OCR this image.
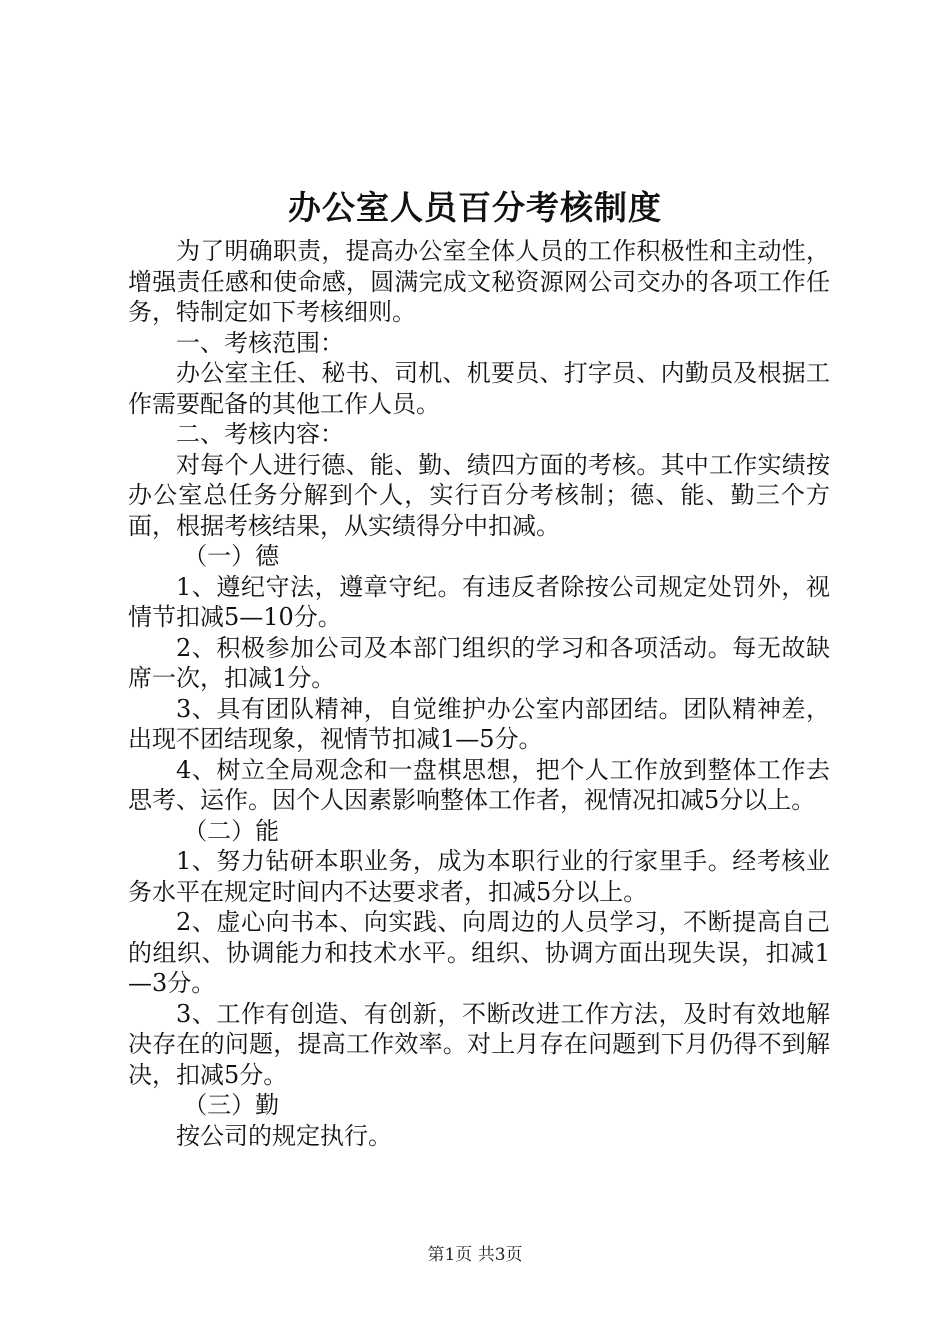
办公室人员百分考核制度

为了明确职责，提高办公室全体人员的工作积极性和主动性，增强责任感和使命感，圆满完成文秘资源网公司交办的各项工作任务，特制定如下考核细则。

一、考核范围：

办公室主任、秘书、司机、机要员、打字员、内勤员及根据工作需要配备的其他工作人员。

二、考核内容：

对每个人进行德、能、勤、绩四方面的考核。其中工作实绩按办公室总任务分解到个人，实行百分考核制；德、能、勤三个方面，根据考核结果，从实绩得分中扣减。

（一）德

1、遵纪守法，遵章守纪。有违反者除按公司规定处罚外，视情节扣减5—10分。

2、积极参加公司及本部门组织的学习和各项活动。每无故缺席一次，扣减1分。

3、具有团队精神，自觉维护办公室内部团结。团队精神差，出现不团结现象，视情节扣减1—5分。

4、树立全局观念和一盘棋思想，把个人工作放到整体工作去思考、运作。因个人因素影响整体工作者，视情况扣减5分以上。

（二）能

1、努力钻研本职业务，成为本职行业的行家里手。经考核业务水平在规定时间内不达要求者，扣减5分以上。

2、虚心向书本、向实践、向周边的人员学习，不断提高自己的组织、协调能力和技术水平。组织、协调方面出现失误，扣减1—3分。

3、工作有创造、有创新，不断改进工作方法，及时有效地解决存在的问题，提高工作效率。对上月存在问题到下月仍得不到解决，扣减5分。

（三）勤

按公司的规定执行。

第1页 共3页
